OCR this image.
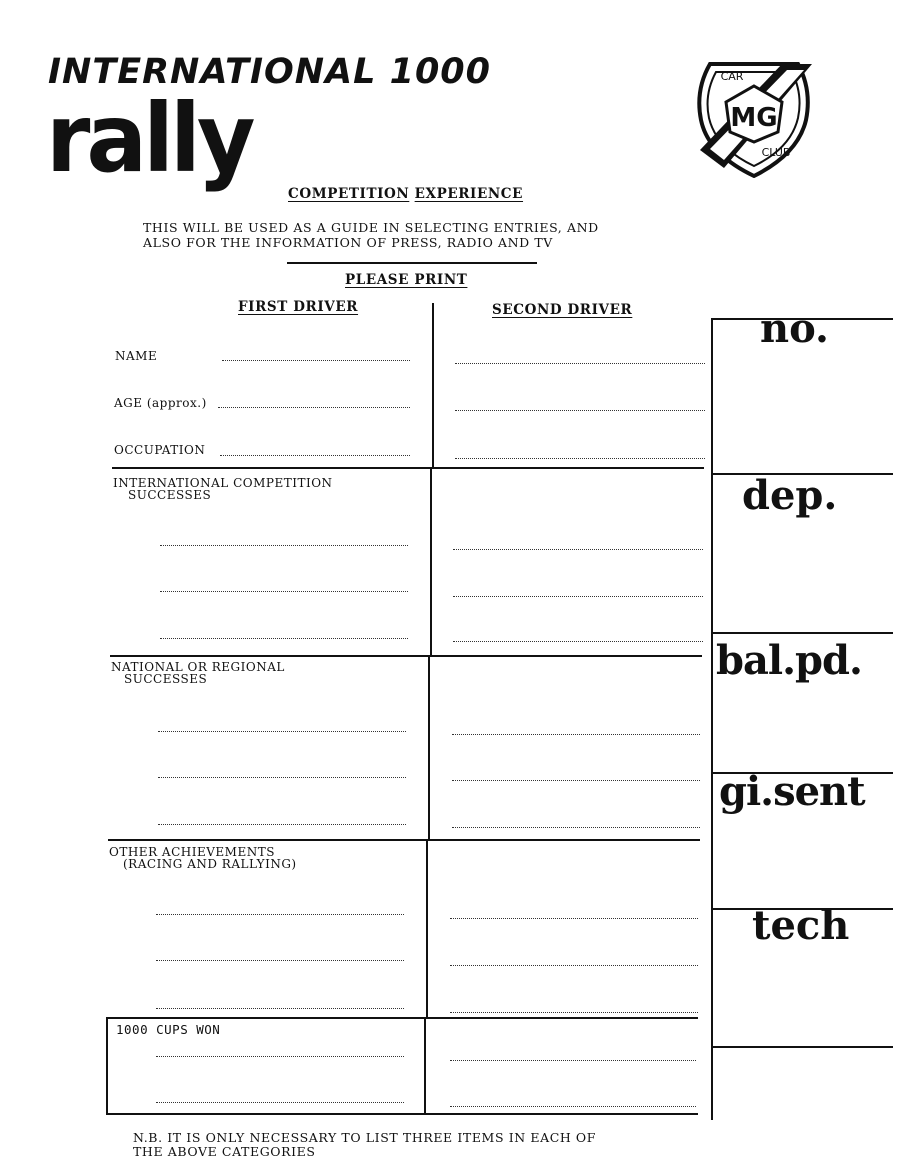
INTERNATIONAL 1000
rally	MG
CAR
CLUB
COMPETITION EXPERIENCE
THIS WILL BE USED AS A GUIDE IN SELECTING ENTRIES, AND
ALSO FOR THE INFORMATION OF PRESS, RADIO AND TV
PLEASE PRINT
FIRST DRIVER	SECOND DRIVER
NAME
AGE (approx.)
OCCUPATION
INTERNATIONAL COMPETITION
SUCCESSES
NATIONAL OR REGIONAL
SUCCESSES
OTHER ACHIEVEMENTS
(RACING AND RALLYING)
1000 CUPS WON
N.B. IT IS ONLY NECESSARY TO LIST THREE ITEMS IN EACH OF
THE ABOVE CATEGORIES
no.
dep.
bal.pd.
gi.sent
tech
